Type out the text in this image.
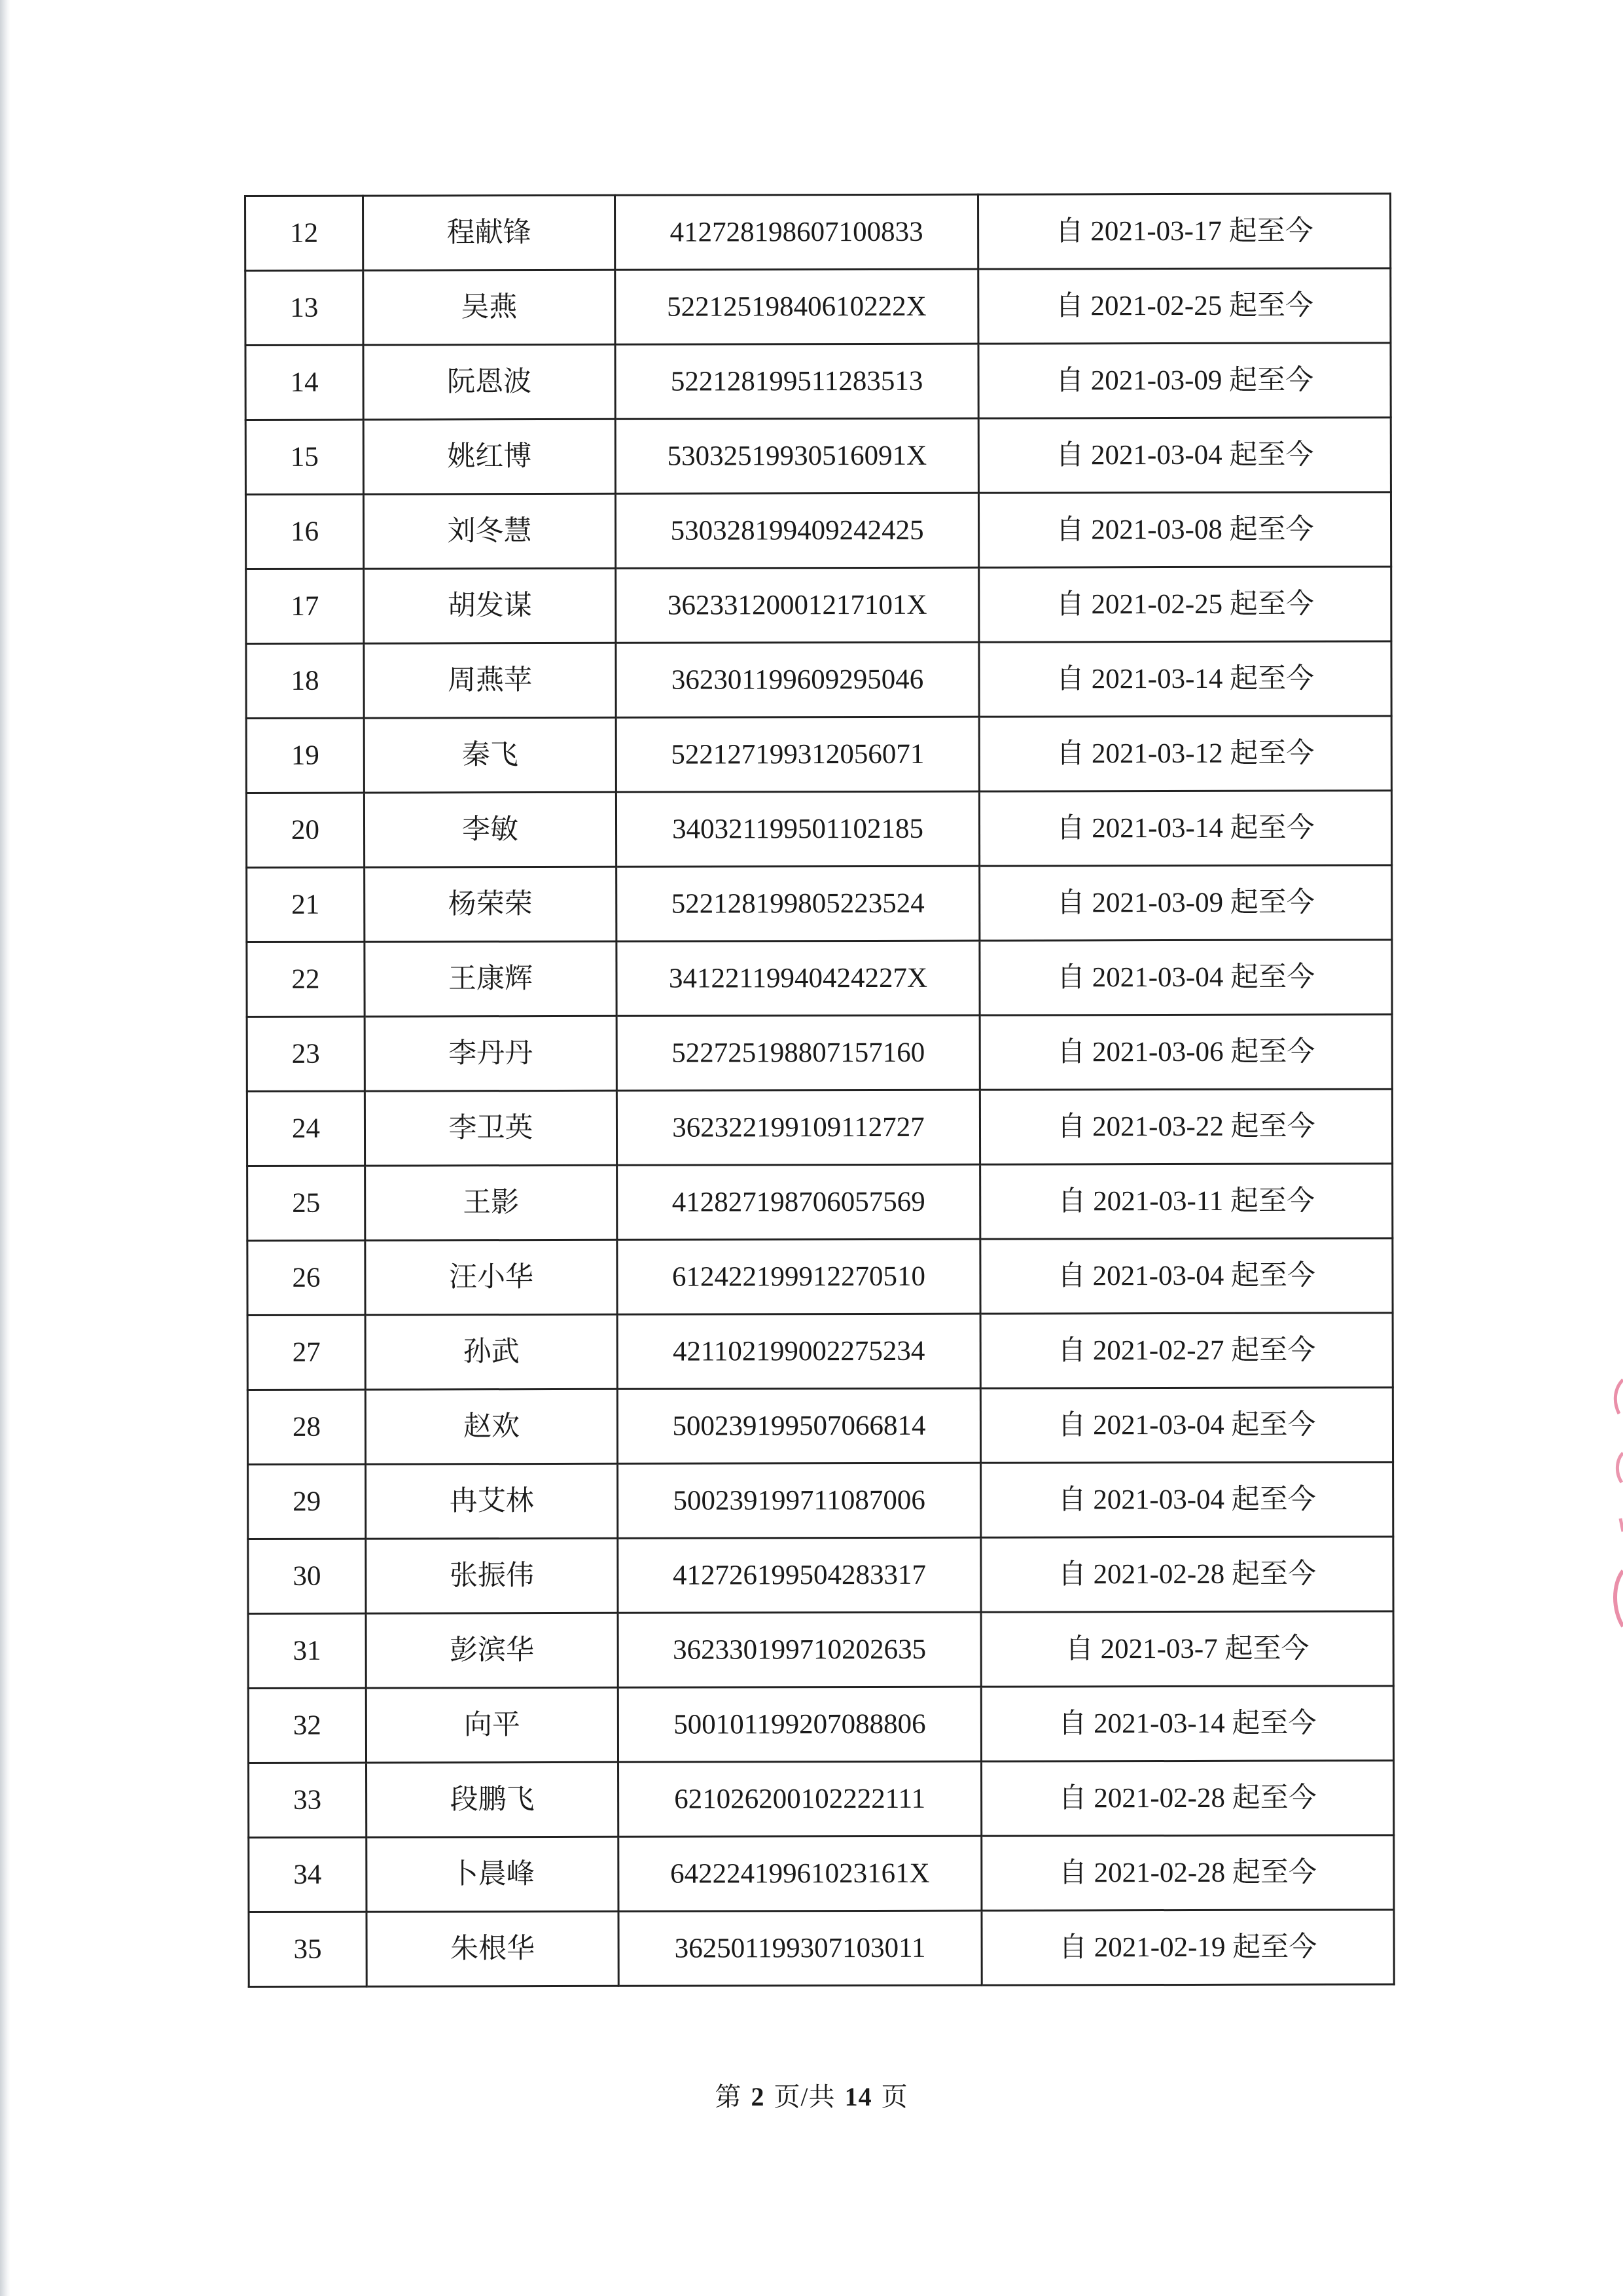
12	程献锋	412728198607100833	自 2021-03-17 起至今
13	吴燕	52212519840610222X	自 2021-02-25 起至今
14	阮恩波	522128199511283513	自 2021-03-09 起至今
15	姚红博	53032519930516091X	自 2021-03-04 起至今
16	刘冬慧	530328199409242425	自 2021-03-08 起至今
17	胡发谋	36233120001217101X	自 2021-02-25 起至今
18	周燕苹	362301199609295046	自 2021-03-14 起至今
19	秦飞	522127199312056071	自 2021-03-12 起至今
20	李敏	340321199501102185	自 2021-03-14 起至今
21	杨荣荣	522128199805223524	自 2021-03-09 起至今
22	王康辉	34122119940424227X	自 2021-03-04 起至今
23	李丹丹	522725198807157160	自 2021-03-06 起至今
24	李卫英	362322199109112727	自 2021-03-22 起至今
25	王影	412827198706057569	自 2021-03-11 起至今
26	汪小华	612422199912270510	自 2021-03-04 起至今
27	孙武	421102199002275234	自 2021-02-27 起至今
28	赵欢	500239199507066814	自 2021-03-04 起至今
29	冉艾林	500239199711087006	自 2021-03-04 起至今
30	张振伟	412726199504283317	自 2021-02-28 起至今
31	彭滨华	362330199710202635	自 2021-03-7 起至今
32	向平	500101199207088806	自 2021-03-14 起至今
33	段鹏飞	621026200102222111	自 2021-02-28 起至今
34	卜晨峰	64222419961023161X	自 2021-02-28 起至今
35	朱根华	362501199307103011	自 2021-02-19 起至今
第 2 页/共 14 页
